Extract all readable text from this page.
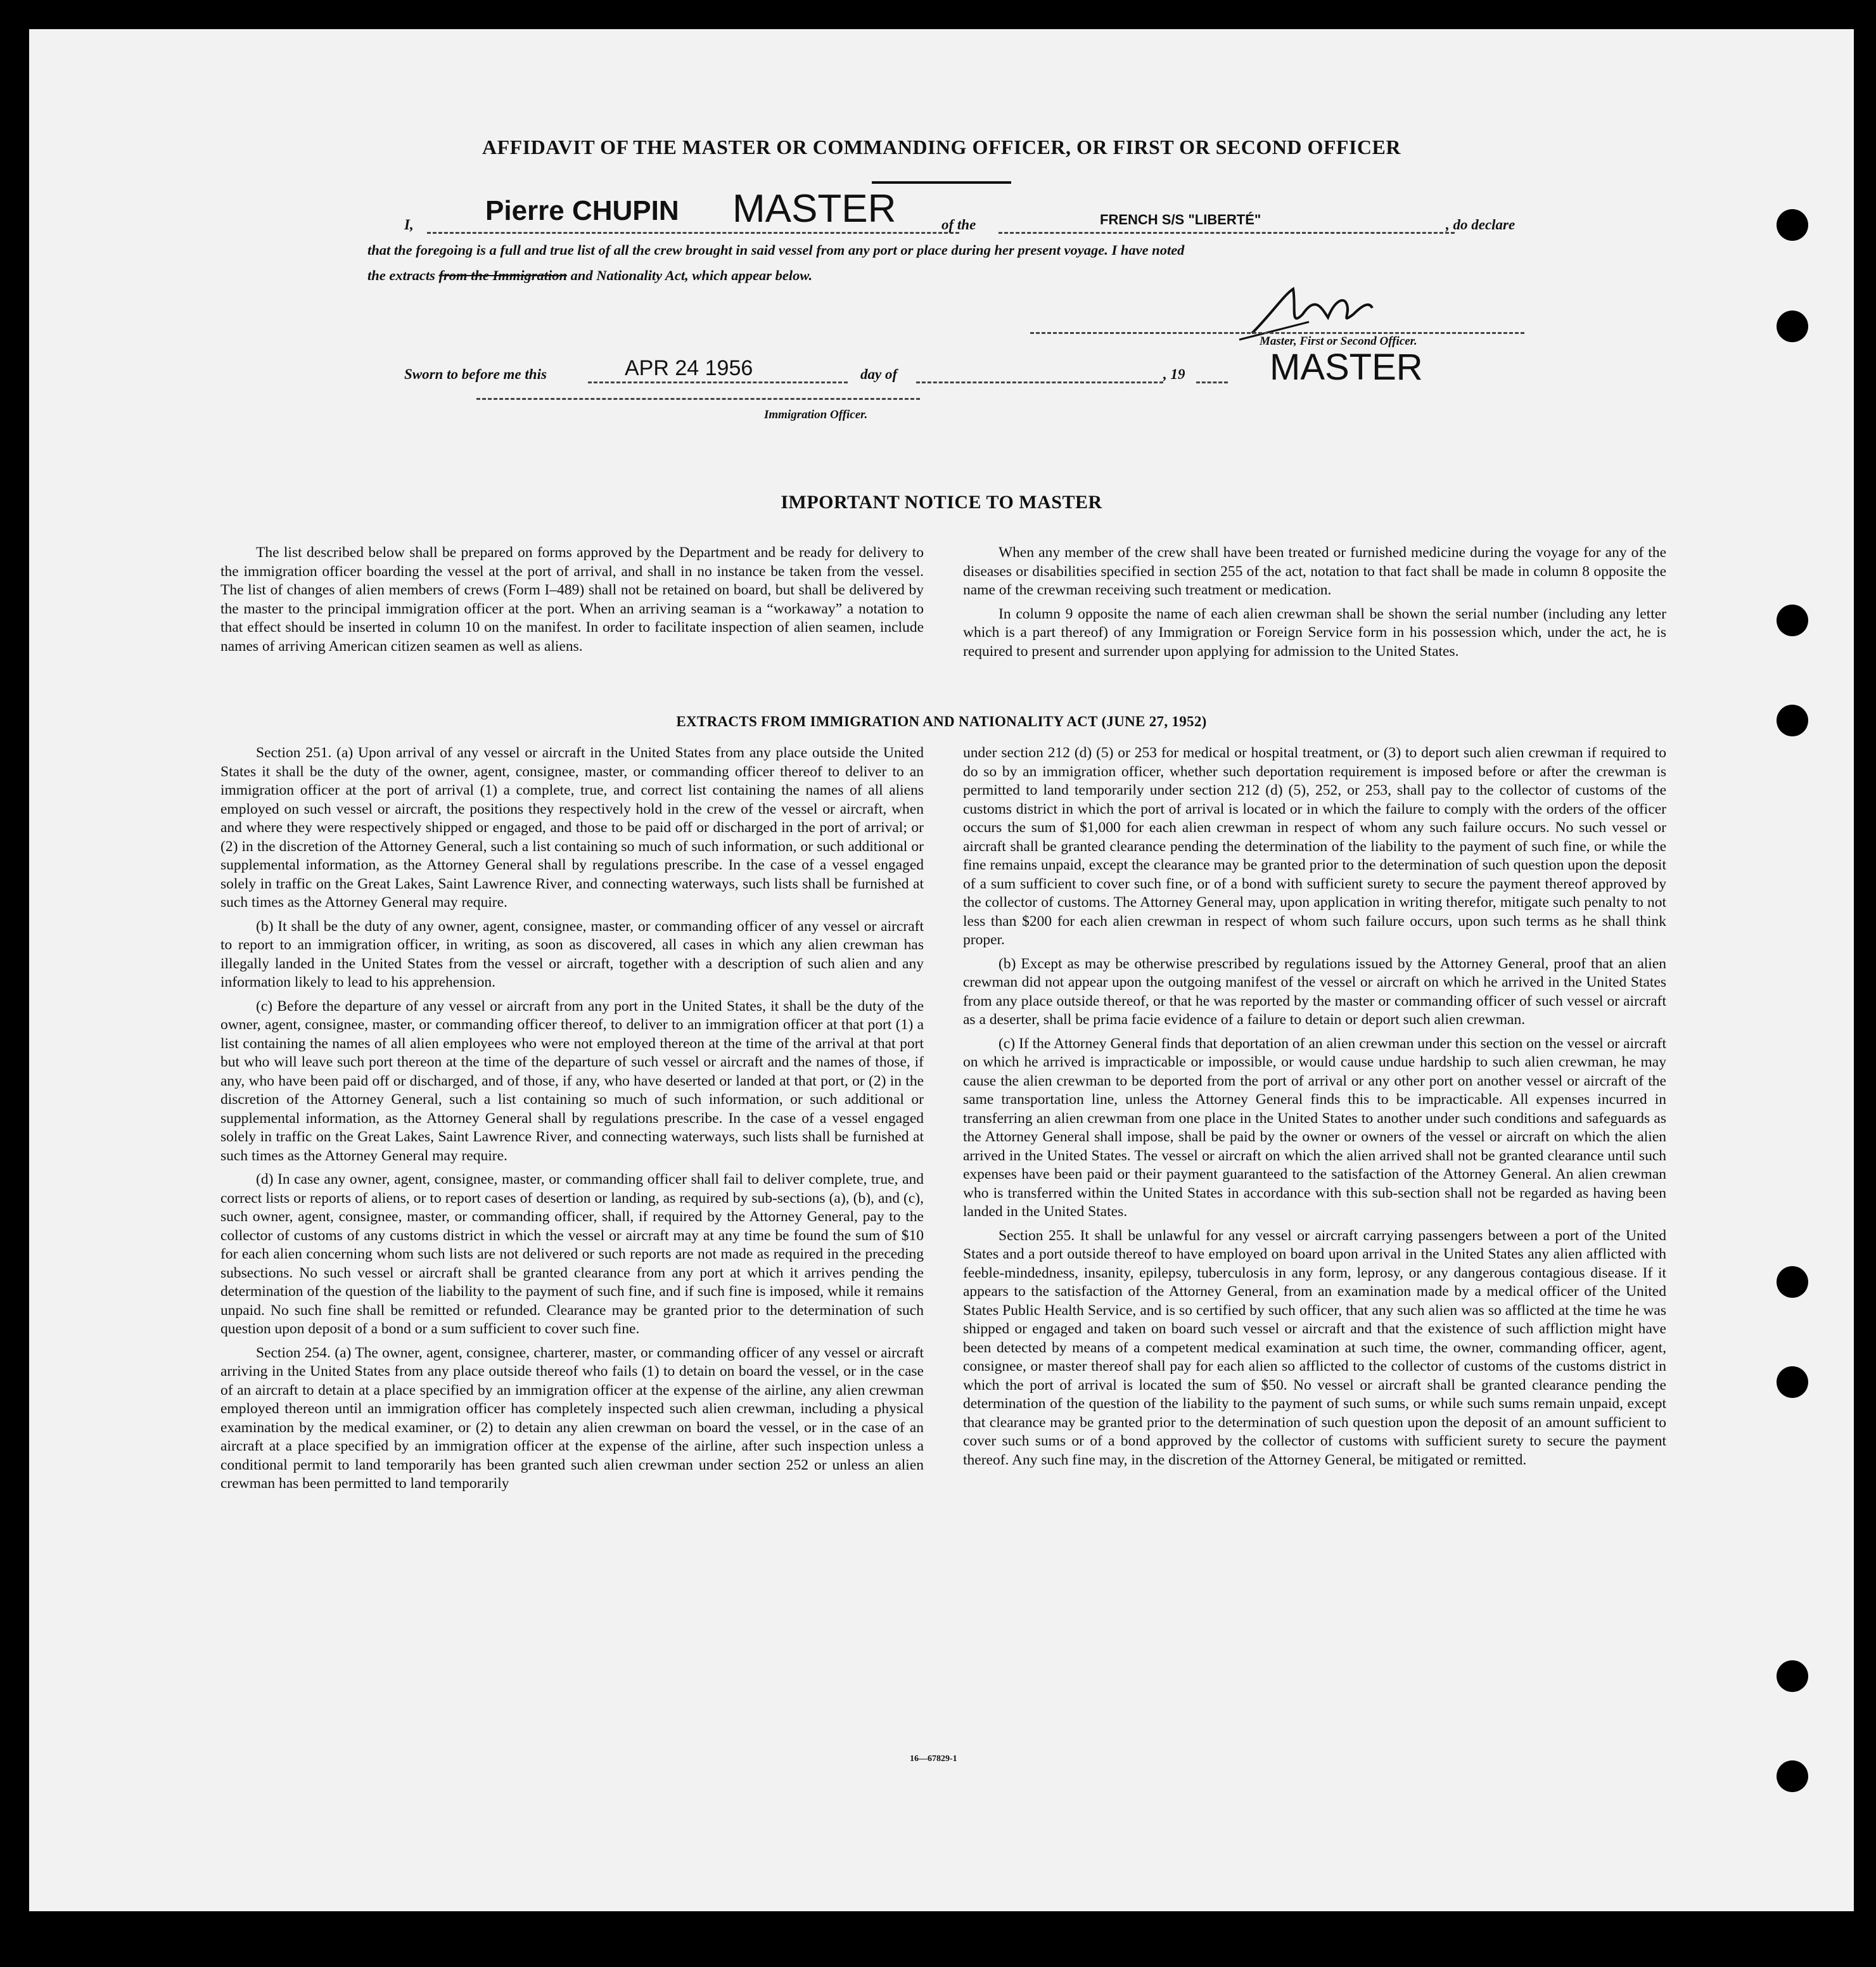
AFFIDAVIT OF THE MASTER OR COMMANDING OFFICER, OR FIRST OR SECOND OFFICER
I,	Pierre CHUPIN MASTER	of the	FRENCH S/S "LIBERTÉ"	, do declare
that the foregoing is a full and true list of all the crew brought in said vessel from any port or place during her present voyage. I have noted
the extracts from the Immigration and Nationality Act, which appear below.
Master, First or Second Officer.
MASTER
Sworn to before me this	APR 24 1956	day of	, 19
Immigration Officer.
IMPORTANT NOTICE TO MASTER

The list described below shall be prepared on forms approved by the Department and be ready for delivery to the immigration officer boarding the vessel at the port of arrival, and shall in no instance be taken from the vessel. The list of changes of alien members of crews (Form I–489) shall not be retained on board, but shall be delivered by the master to the principal immigration officer at the port. When an arriving seaman is a “workaway” a notation to that effect should be inserted in column 10 on the manifest. In order to facilitate inspection of alien seamen, include names of arriving American citizen seamen as well as aliens.

When any member of the crew shall have been treated or furnished medicine during the voyage for any of the diseases or disabilities specified in section 255 of the act, notation to that fact shall be made in column 8 opposite the name of the crewman receiving such treatment or medication.

In column 9 opposite the name of each alien crewman shall be shown the serial number (including any letter which is a part thereof) of any Immigration or Foreign Service form in his possession which, under the act, he is required to present and surrender upon applying for admission to the United States.

EXTRACTS FROM IMMIGRATION AND NATIONALITY ACT (JUNE 27, 1952)

Section 251. (a) Upon arrival of any vessel or aircraft in the United States from any place outside the United States it shall be the duty of the owner, agent, consignee, master, or commanding officer thereof to deliver to an immigration officer at the port of arrival (1) a complete, true, and correct list containing the names of all aliens employed on such vessel or aircraft, the positions they respectively hold in the crew of the vessel or aircraft, when and where they were respectively shipped or engaged, and those to be paid off or discharged in the port of arrival; or (2) in the discretion of the Attorney General, such a list containing so much of such information, or such additional or supplemental information, as the Attorney General shall by regulations prescribe. In the case of a vessel engaged solely in traffic on the Great Lakes, Saint Lawrence River, and connecting waterways, such lists shall be furnished at such times as the Attorney General may require.

(b) It shall be the duty of any owner, agent, consignee, master, or commanding officer of any vessel or aircraft to report to an immigration officer, in writing, as soon as discovered, all cases in which any alien crewman has illegally landed in the United States from the vessel or aircraft, together with a description of such alien and any information likely to lead to his apprehension.

(c) Before the departure of any vessel or aircraft from any port in the United States, it shall be the duty of the owner, agent, consignee, master, or commanding officer thereof, to deliver to an immigration officer at that port (1) a list containing the names of all alien employees who were not employed thereon at the time of the arrival at that port but who will leave such port thereon at the time of the departure of such vessel or aircraft and the names of those, if any, who have been paid off or discharged, and of those, if any, who have deserted or landed at that port, or (2) in the discretion of the Attorney General, such a list containing so much of such information, or such additional or supplemental information, as the Attorney General shall by regulations prescribe. In the case of a vessel engaged solely in traffic on the Great Lakes, Saint Lawrence River, and connecting waterways, such lists shall be furnished at such times as the Attorney General may require.

(d) In case any owner, agent, consignee, master, or commanding officer shall fail to deliver complete, true, and correct lists or reports of aliens, or to report cases of desertion or landing, as required by sub-sections (a), (b), and (c), such owner, agent, consignee, master, or commanding officer, shall, if required by the Attorney General, pay to the collector of customs of any customs district in which the vessel or aircraft may at any time be found the sum of $10 for each alien concerning whom such lists are not delivered or such reports are not made as required in the preceding subsections. No such vessel or aircraft shall be granted clearance from any port at which it arrives pending the determination of the question of the liability to the payment of such fine, and if such fine is imposed, while it remains unpaid. No such fine shall be remitted or refunded. Clearance may be granted prior to the determination of such question upon deposit of a bond or a sum sufficient to cover such fine.

Section 254. (a) The owner, agent, consignee, charterer, master, or commanding officer of any vessel or aircraft arriving in the United States from any place outside thereof who fails (1) to detain on board the vessel, or in the case of an aircraft to detain at a place specified by an immigration officer at the expense of the airline, any alien crewman employed thereon until an immigration officer has completely inspected such alien crewman, including a physical examination by the medical examiner, or (2) to detain any alien crewman on board the vessel, or in the case of an aircraft at a place specified by an immigration officer at the expense of the airline, after such inspection unless a conditional permit to land temporarily has been granted such alien crewman under section 252 or unless an alien crewman has been permitted to land temporarily

under section 212 (d) (5) or 253 for medical or hospital treatment, or (3) to deport such alien crewman if required to do so by an immigration officer, whether such deportation requirement is imposed before or after the crewman is permitted to land temporarily under section 212 (d) (5), 252, or 253, shall pay to the collector of customs of the customs district in which the port of arrival is located or in which the failure to comply with the orders of the officer occurs the sum of $1,000 for each alien crewman in respect of whom any such failure occurs. No such vessel or aircraft shall be granted clearance pending the determination of the liability to the payment of such fine, or while the fine remains unpaid, except the clearance may be granted prior to the determination of such question upon the deposit of a sum sufficient to cover such fine, or of a bond with sufficient surety to secure the payment thereof approved by the collector of customs. The Attorney General may, upon application in writing therefor, mitigate such penalty to not less than $200 for each alien crewman in respect of whom such failure occurs, upon such terms as he shall think proper.

(b) Except as may be otherwise prescribed by regulations issued by the Attorney General, proof that an alien crewman did not appear upon the outgoing manifest of the vessel or aircraft on which he arrived in the United States from any place outside thereof, or that he was reported by the master or commanding officer of such vessel or aircraft as a deserter, shall be prima facie evidence of a failure to detain or deport such alien crewman.

(c) If the Attorney General finds that deportation of an alien crewman under this section on the vessel or aircraft on which he arrived is impracticable or impossible, or would cause undue hardship to such alien crewman, he may cause the alien crewman to be deported from the port of arrival or any other port on another vessel or aircraft of the same transportation line, unless the Attorney General finds this to be impracticable. All expenses incurred in transferring an alien crewman from one place in the United States to another under such conditions and safeguards as the Attorney General shall impose, shall be paid by the owner or owners of the vessel or aircraft on which the alien arrived in the United States. The vessel or aircraft on which the alien arrived shall not be granted clearance until such expenses have been paid or their payment guaranteed to the satisfaction of the Attorney General. An alien crewman who is transferred within the United States in accordance with this sub-section shall not be regarded as having been landed in the United States.

Section 255. It shall be unlawful for any vessel or aircraft carrying passengers between a port of the United States and a port outside thereof to have employed on board upon arrival in the United States any alien afflicted with feeble-mindedness, insanity, epilepsy, tuberculosis in any form, leprosy, or any dangerous contagious disease. If it appears to the satisfaction of the Attorney General, from an examination made by a medical officer of the United States Public Health Service, and is so certified by such officer, that any such alien was so afflicted at the time he was shipped or engaged and taken on board such vessel or aircraft and that the existence of such affliction might have been detected by means of a competent medical examination at such time, the owner, commanding officer, agent, consignee, or master thereof shall pay for each alien so afflicted to the collector of customs of the customs district in which the port of arrival is located the sum of $50. No vessel or aircraft shall be granted clearance pending the determination of the question of the liability to the payment of such sums, or while such sums remain unpaid, except that clearance may be granted prior to the determination of such question upon the deposit of an amount sufficient to cover such sums or of a bond approved by the collector of customs with sufficient surety to secure the payment thereof. Any such fine may, in the discretion of the Attorney General, be mitigated or remitted.

16—67829-1
